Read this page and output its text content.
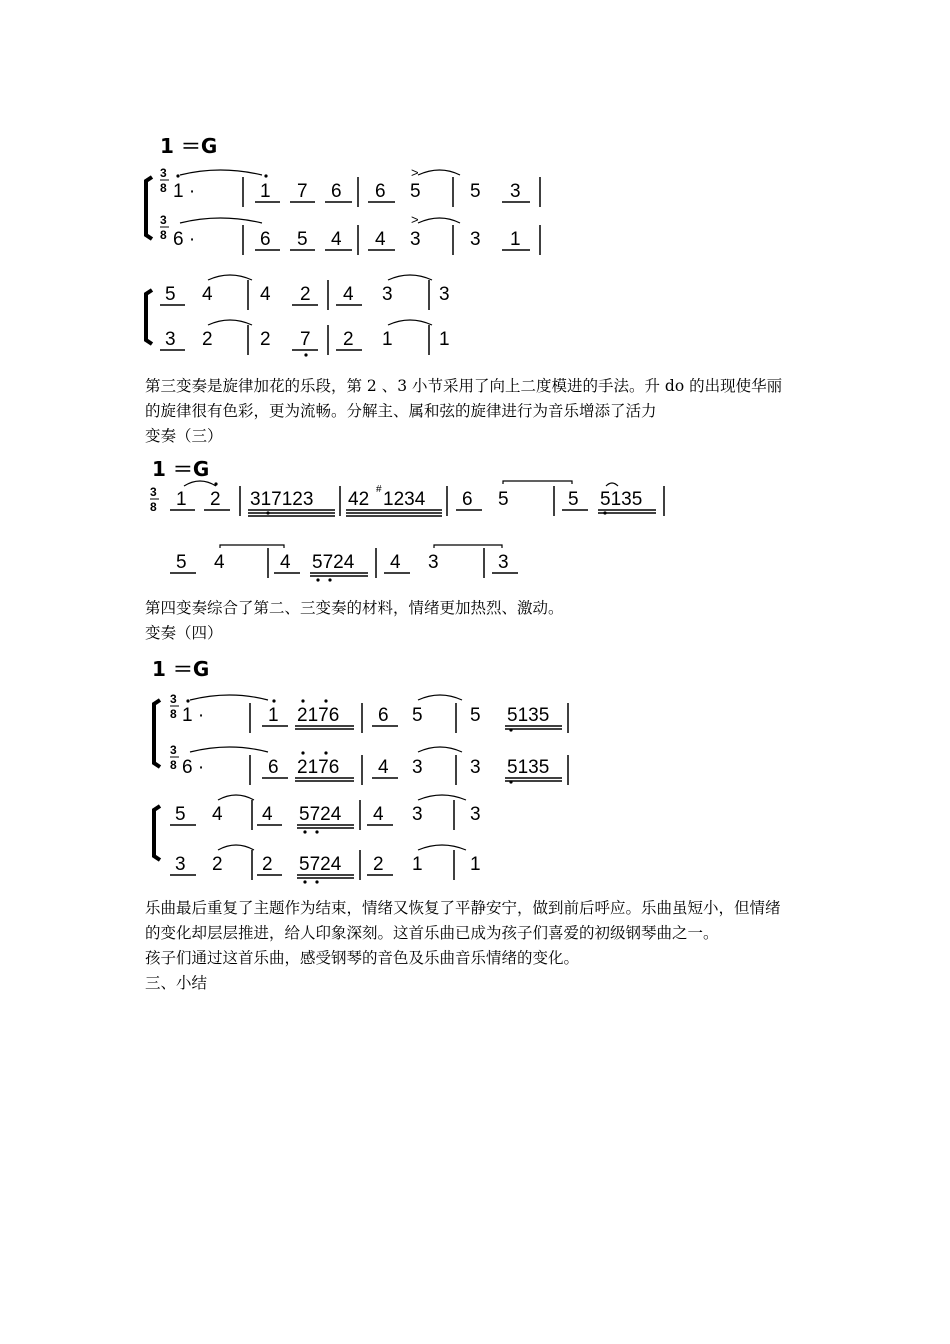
1 ＝G
3
8
3
8
1 ·	1 7 6 6 5	5 3
>
>
6 ·	6 5 4 4 3	3 1
5 4 4 2 4 3 3
3 2 2 7 2 1 1

第三变奏是旋律加花的乐段，第 2 、3 小节采用了向上二度模进的手法。升 do 的出现使华丽
的旋律很有色彩，更为流畅。分解主、属和弦的旋律进行为音乐增添了活力
变奏（三）

1 ＝G
3
8 1 2 317123 42 # 1234 6 5	5 5135
5 4	4 5724 4 3	3

第四变奏综合了第二、三变奏的材料，情绪更加热烈、激动。
变奏（四）

1 ＝G
3
8
3
8
1 ·	1 2176 6 5 5 5135
6 ·	6 2176 4 3 3 5135
5 4 4 5724 4 3 3
3 2 2 5724 2 1 1

乐曲最后重复了主题作为结束，情绪又恢复了平静安宁，做到前后呼应。乐曲虽短小，但情绪
的变化却层层推进，给人印象深刻。这首乐曲已成为孩子们喜爱的初级钢琴曲之一。
孩子们通过这首乐曲，感受钢琴的音色及乐曲音乐情绪的变化。
三、小结
